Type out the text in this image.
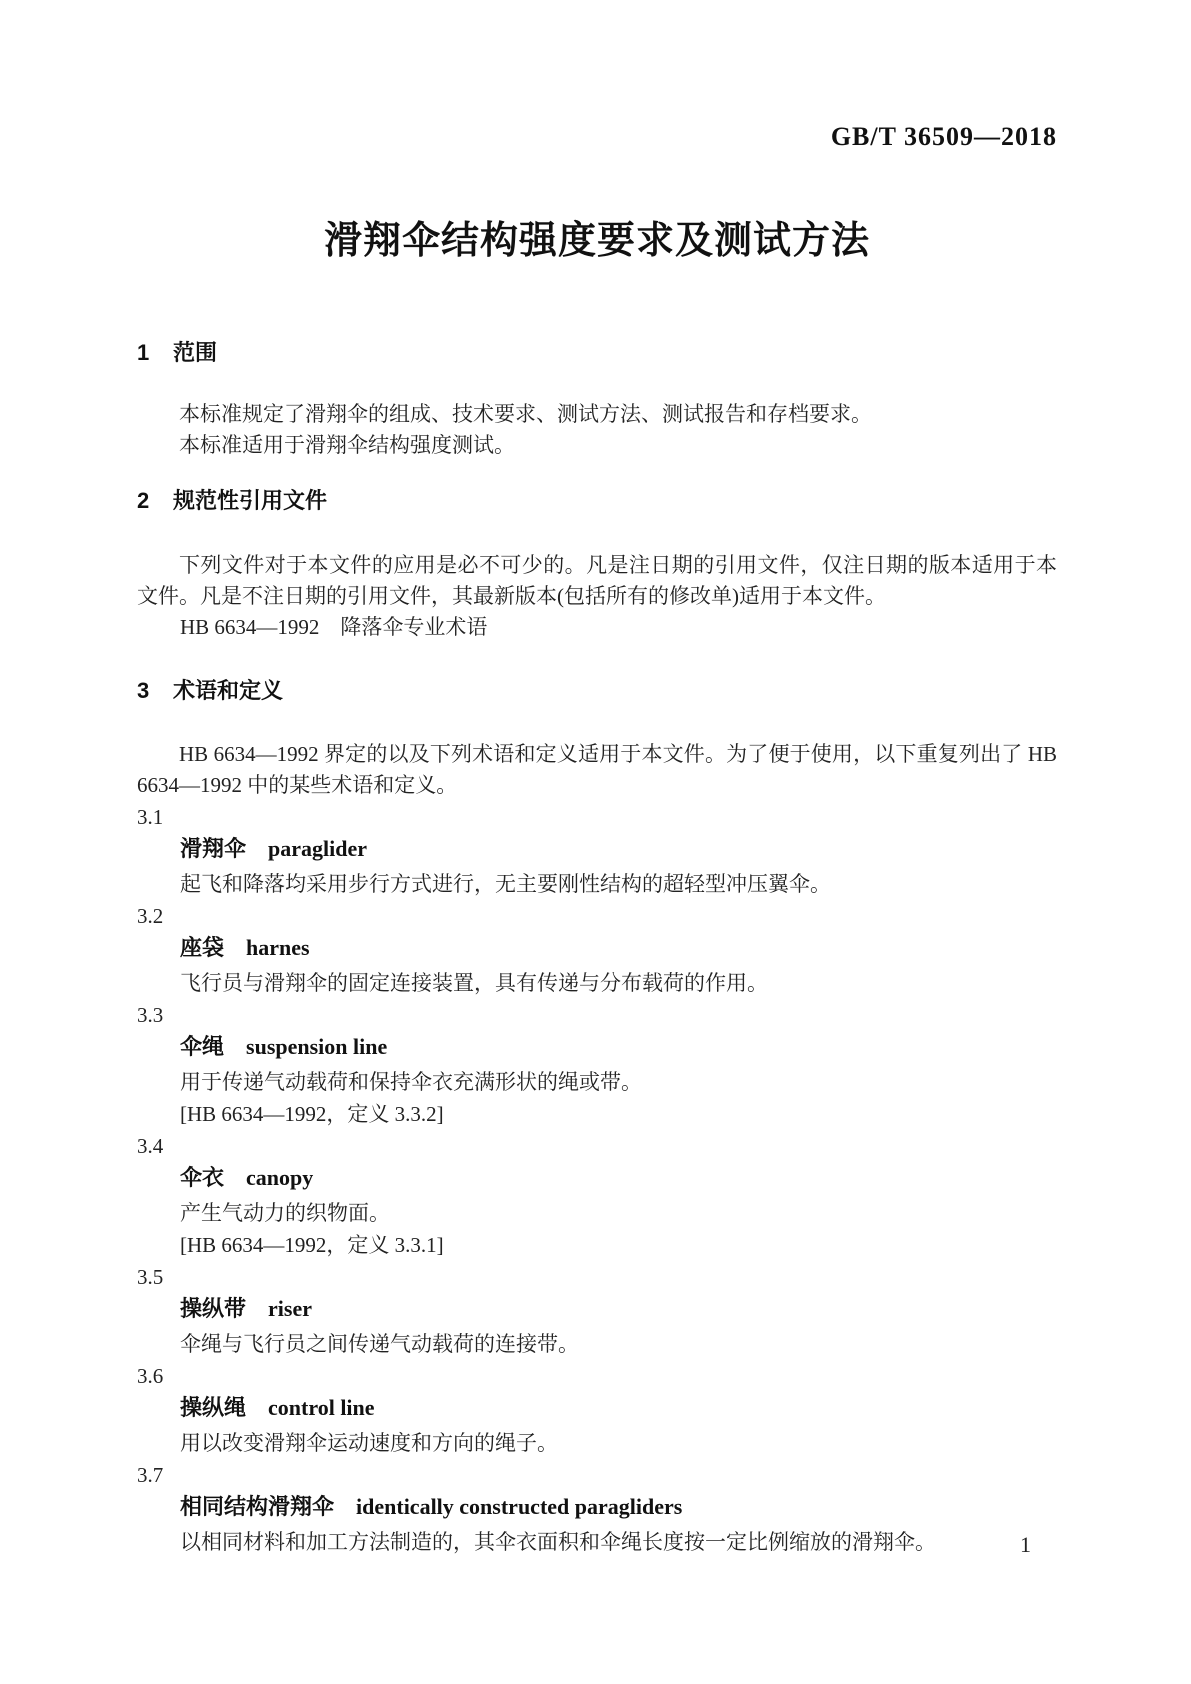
GB/T 36509—2018
滑翔伞结构强度要求及测试方法
1 范围

本标准规定了滑翔伞的组成、技术要求、测试方法、测试报告和存档要求。

本标准适用于滑翔伞结构强度测试。

2 规范性引用文件

下列文件对于本文件的应用是必不可少的。凡是注日期的引用文件，仅注日期的版本适用于本文件。凡是不注日期的引用文件，其最新版本(包括所有的修改单)适用于本文件。

HB 6634—1992　降落伞专业术语

3 术语和定义

HB 6634—1992 界定的以及下列术语和定义适用于本文件。为了便于使用，以下重复列出了 HB 6634—1992 中的某些术语和定义。

3.1
滑翔伞 paraglider
起飞和降落均采用步行方式进行，无主要刚性结构的超轻型冲压翼伞。
3.2
座袋 harnes
飞行员与滑翔伞的固定连接装置，具有传递与分布载荷的作用。
3.3
伞绳 suspension line
用于传递气动载荷和保持伞衣充满形状的绳或带。
[HB 6634—1992，定义 3.3.2]
3.4
伞衣 canopy
产生气动力的织物面。
[HB 6634—1992，定义 3.3.1]
3.5
操纵带 riser
伞绳与飞行员之间传递气动载荷的连接带。
3.6
操纵绳 control line
用以改变滑翔伞运动速度和方向的绳子。
3.7
相同结构滑翔伞 identically constructed paragliders
以相同材料和加工方法制造的，其伞衣面积和伞绳长度按一定比例缩放的滑翔伞。	1
